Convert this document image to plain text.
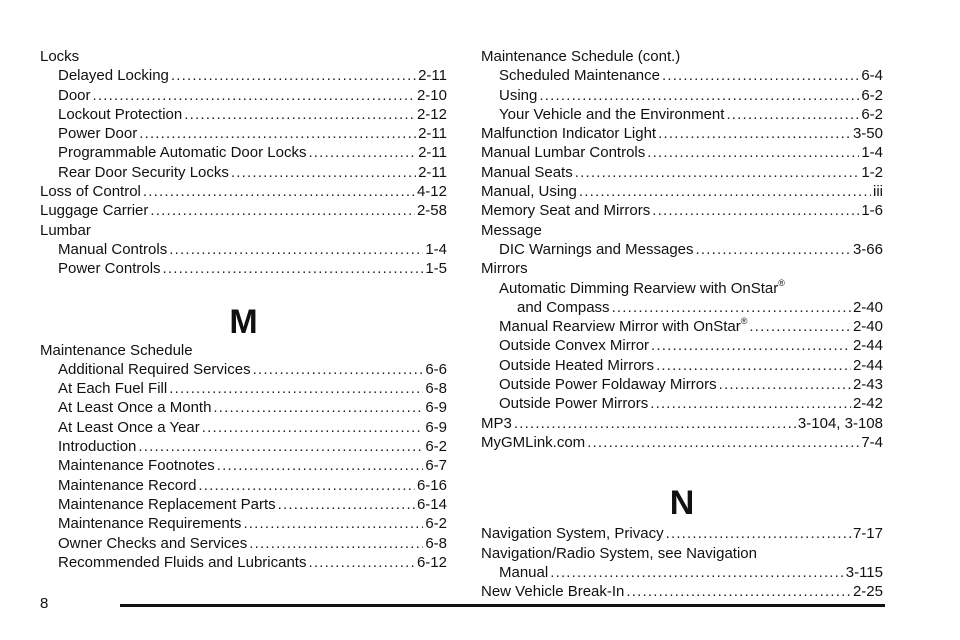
Locks
Delayed Locking .....	2-11
Door .....	2-10
Lockout Protection .....	2-12
Power Door .....	2-11
Programmable Automatic Door Locks .....	2-11
Rear Door Security Locks .....	2-11
Loss of Control .....	4-12
Luggage Carrier .....	2-58
Lumbar
Manual Controls .....	1-4
Power Controls .....	1-5
M
Maintenance Schedule
Additional Required Services .....	6-6
At Each Fuel Fill .....	6-8
At Least Once a Month .....	6-9
At Least Once a Year .....	6-9
Introduction .....	6-2
Maintenance Footnotes .....	6-7
Maintenance Record .....	6-16
Maintenance Replacement Parts .....	6-14
Maintenance Requirements .....	6-2
Owner Checks and Services .....	6-8
Recommended Fluids and Lubricants .....	6-12
Maintenance Schedule (cont.)
Scheduled Maintenance .....	6-4
Using .....	6-2
Your Vehicle and the Environment .....	6-2
Malfunction Indicator Light .....	3-50
Manual Lumbar Controls .....	1-4
Manual Seats .....	1-2
Manual, Using .....	iii
Memory Seat and Mirrors .....	1-6
Message
DIC Warnings and Messages .....	3-66
Mirrors
Automatic Dimming Rearview with OnStar®
and Compass .....	2-40
Manual Rearview Mirror with OnStar® .....	2-40
Outside Convex Mirror .....	2-44
Outside Heated Mirrors .....	2-44
Outside Power Foldaway Mirrors .....	2-43
Outside Power Mirrors .....	2-42
MP3 .....	3-104, 3-108
MyGMLink.com .....	7-4
N
Navigation System, Privacy .....	7-17
Navigation/Radio System, see Navigation
Manual .....	3-115
New Vehicle Break-In .....	2-25
8
